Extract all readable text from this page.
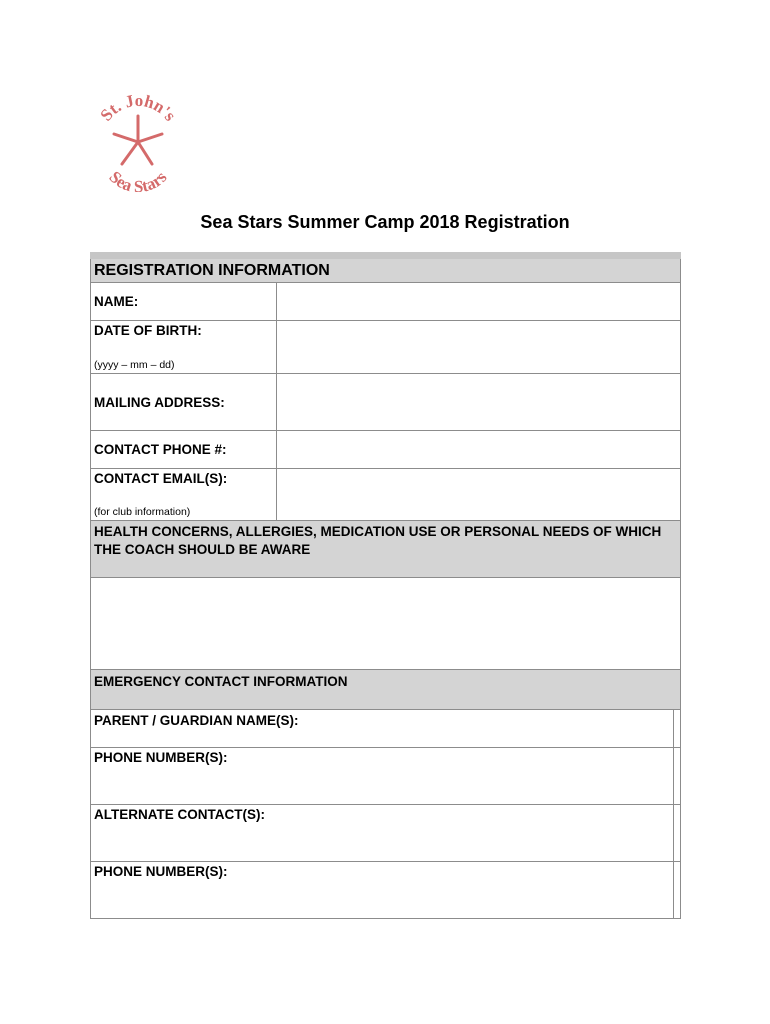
St. John's
Sea Stars
Sea Stars Summer Camp 2018 Registration
REGISTRATION INFORMATION
NAME:
DATE OF BIRTH:
(yyyy – mm – dd)
MAILING ADDRESS:
CONTACT PHONE #:
CONTACT EMAIL(S):
(for club information)
HEALTH CONCERNS, ALLERGIES, MEDICATION USE OR PERSONAL NEEDS OF WHICH THE COACH SHOULD BE AWARE
EMERGENCY CONTACT INFORMATION
PARENT / GUARDIAN NAME(S):
PHONE NUMBER(S):
ALTERNATE CONTACT(S):
PHONE NUMBER(S):
